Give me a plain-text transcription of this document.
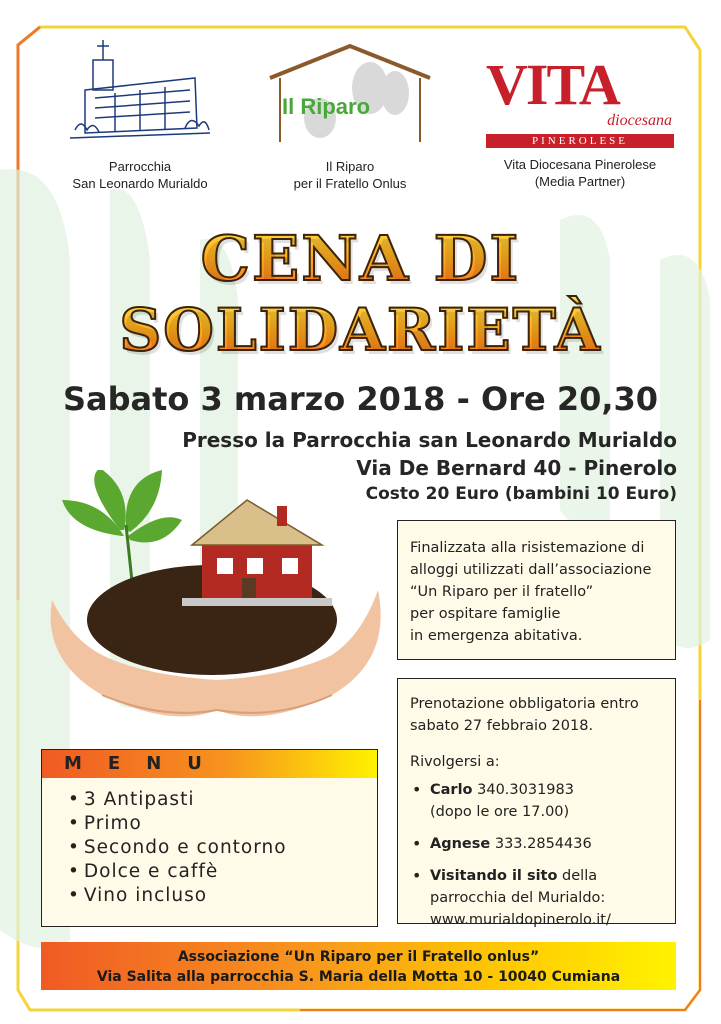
Parrocchia
San Leonardo Murialdo
Il Riparo
Il Riparo
per il Fratello Onlus
VITA
diocesana
PINEROLESE
Vita Diocesana Pinerolese
(Media Partner)
CENA DI
SOLIDARIETÀ
Sabato 3 marzo 2018 - Ore 20,30
Presso la Parrocchia san Leonardo Murialdo
Via De Bernard 40 - Pinerolo
Costo 20 Euro (bambini 10 Euro)

Finalizzata alla risistemazione di

alloggi utilizzati dall’associazione

“Un Riparo per il fratello”

per ospitare famiglie

in emergenza abitativa.

Prenotazione obbligatoria entro

sabato 27 febbraio 2018.

Rivolgersi a:

• Carlo 340.3031983
(dopo le ore 17.00)
• Agnese 333.2854436
• Visitando il sito della
parrocchia del Murialdo:
www.murialdopinerolo.it/
MENU
• 3 Antipasti
• Primo
• Secondo e contorno
• Dolce e caffè
• Vino incluso
Associazione “Un Riparo per il Fratello onlus”
Via Salita alla parrocchia S. Maria della Motta 10 - 10040 Cumiana
